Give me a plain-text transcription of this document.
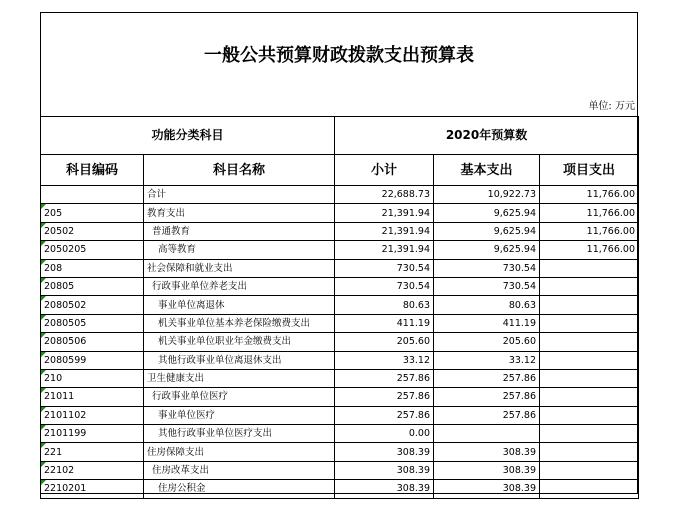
一般公共预算财政拨款支出预算表
单位: 万元
功能分类科目		2020年预算数		
科目编码	科目名称	小计	基本支出	项目支出
	合计	22,688.73	10,922.73	11,766.00

205	教育支出	21,391.94	9,625.94	11,766.00

20502	普通教育	21,391.94	9,625.94	11,766.00

2050205	高等教育	21,391.94	9,625.94	11,766.00

208	社会保障和就业支出	730.54	730.54	

20805	行政事业单位养老支出	730.54	730.54	

2080502	事业单位离退休	80.63	80.63	

2080505	机关事业单位基本养老保险缴费支出	411.19	411.19	

2080506	机关事业单位职业年金缴费支出	205.60	205.60	

2080599	其他行政事业单位离退休支出	33.12	33.12	

210	卫生健康支出	257.86	257.86	

21011	行政事业单位医疗	257.86	257.86	

2101102	事业单位医疗	257.86	257.86	

2101199	其他行政事业单位医疗支出	0.00		

221	住房保障支出	308.39	308.39	

22102	住房改革支出	308.39	308.39	

2210201	住房公积金	308.39	308.39	
